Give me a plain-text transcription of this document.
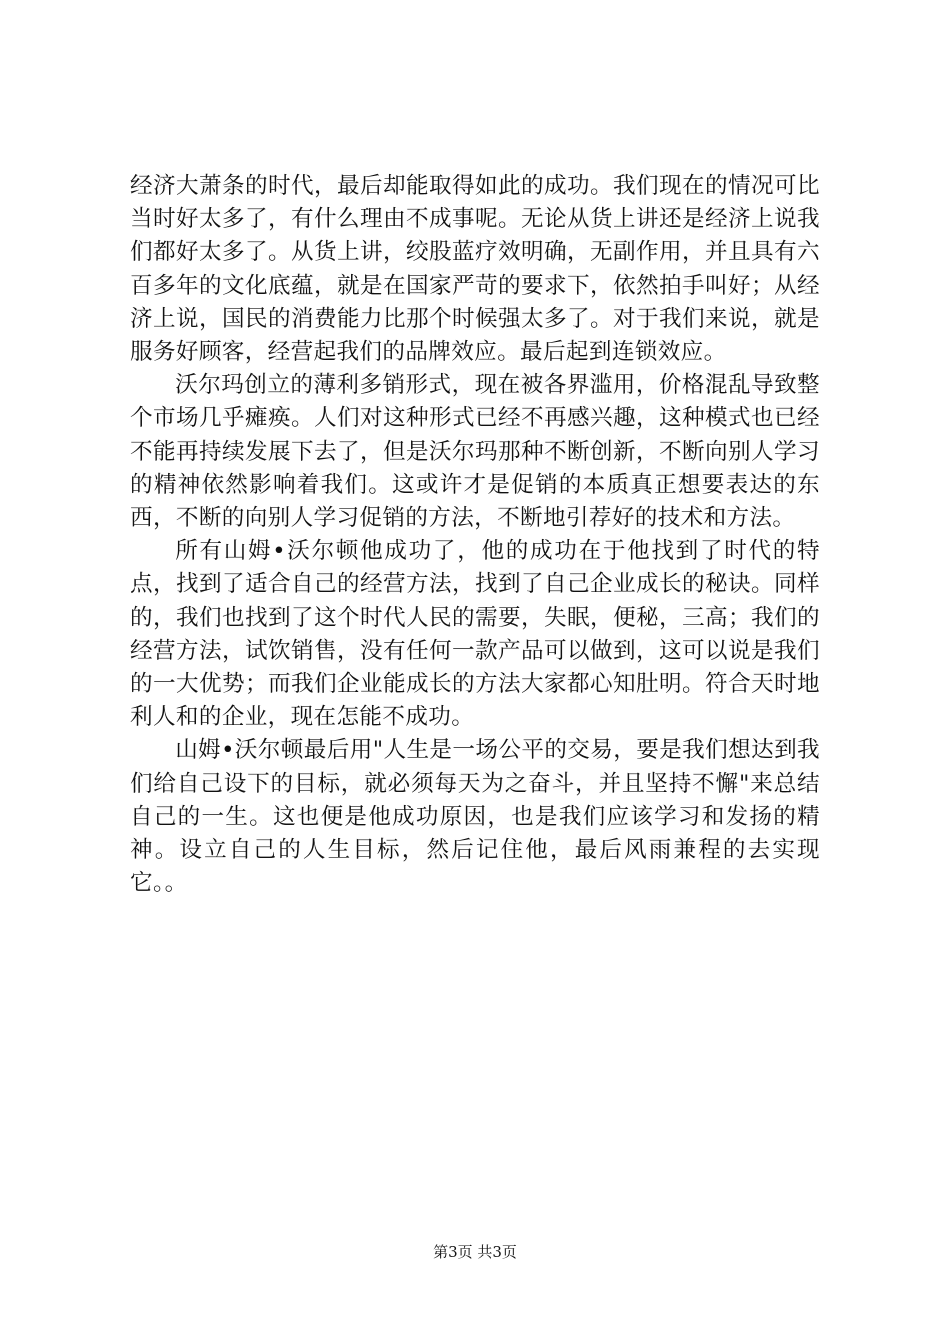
经济大萧条的时代，最后却能取得如此的成功。我们现在的情况可比当时好太多了，有什么理由不成事呢。无论从货上讲还是经济上说我们都好太多了。从货上讲，绞股蓝疗效明确，无副作用，并且具有六百多年的文化底蕴，就是在国家严苛的要求下，依然拍手叫好；从经济上说，国民的消费能力比那个时候强太多了。对于我们来说，就是服务好顾客，经营起我们的品牌效应。最后起到连锁效应。

沃尔玛创立的薄利多销形式，现在被各界滥用，价格混乱导致整个市场几乎瘫痪。人们对这种形式已经不再感兴趣，这种模式也已经不能再持续发展下去了，但是沃尔玛那种不断创新，不断向别人学习的精神依然影响着我们。这或许才是促销的本质真正想要表达的东西，不断的向别人学习促销的方法，不断地引荐好的技术和方法。

所有山姆•沃尔顿他成功了，他的成功在于他找到了时代的特点，找到了适合自己的经营方法，找到了自己企业成长的秘诀。同样的，我们也找到了这个时代人民的需要，失眠，便秘，三高；我们的经营方法，试饮销售，没有任何一款产品可以做到，这可以说是我们的一大优势；而我们企业能成长的方法大家都心知肚明。符合天时地利人和的企业，现在怎能不成功。

山姆•沃尔顿最后用"人生是一场公平的交易，要是我们想达到我们给自己设下的目标，就必须每天为之奋斗，并且坚持不懈"来总结自己的一生。这也便是他成功原因，也是我们应该学习和发扬的精神。设立自己的人生目标，然后记住他，最后风雨兼程的去实现它。。

第3页 共3页
